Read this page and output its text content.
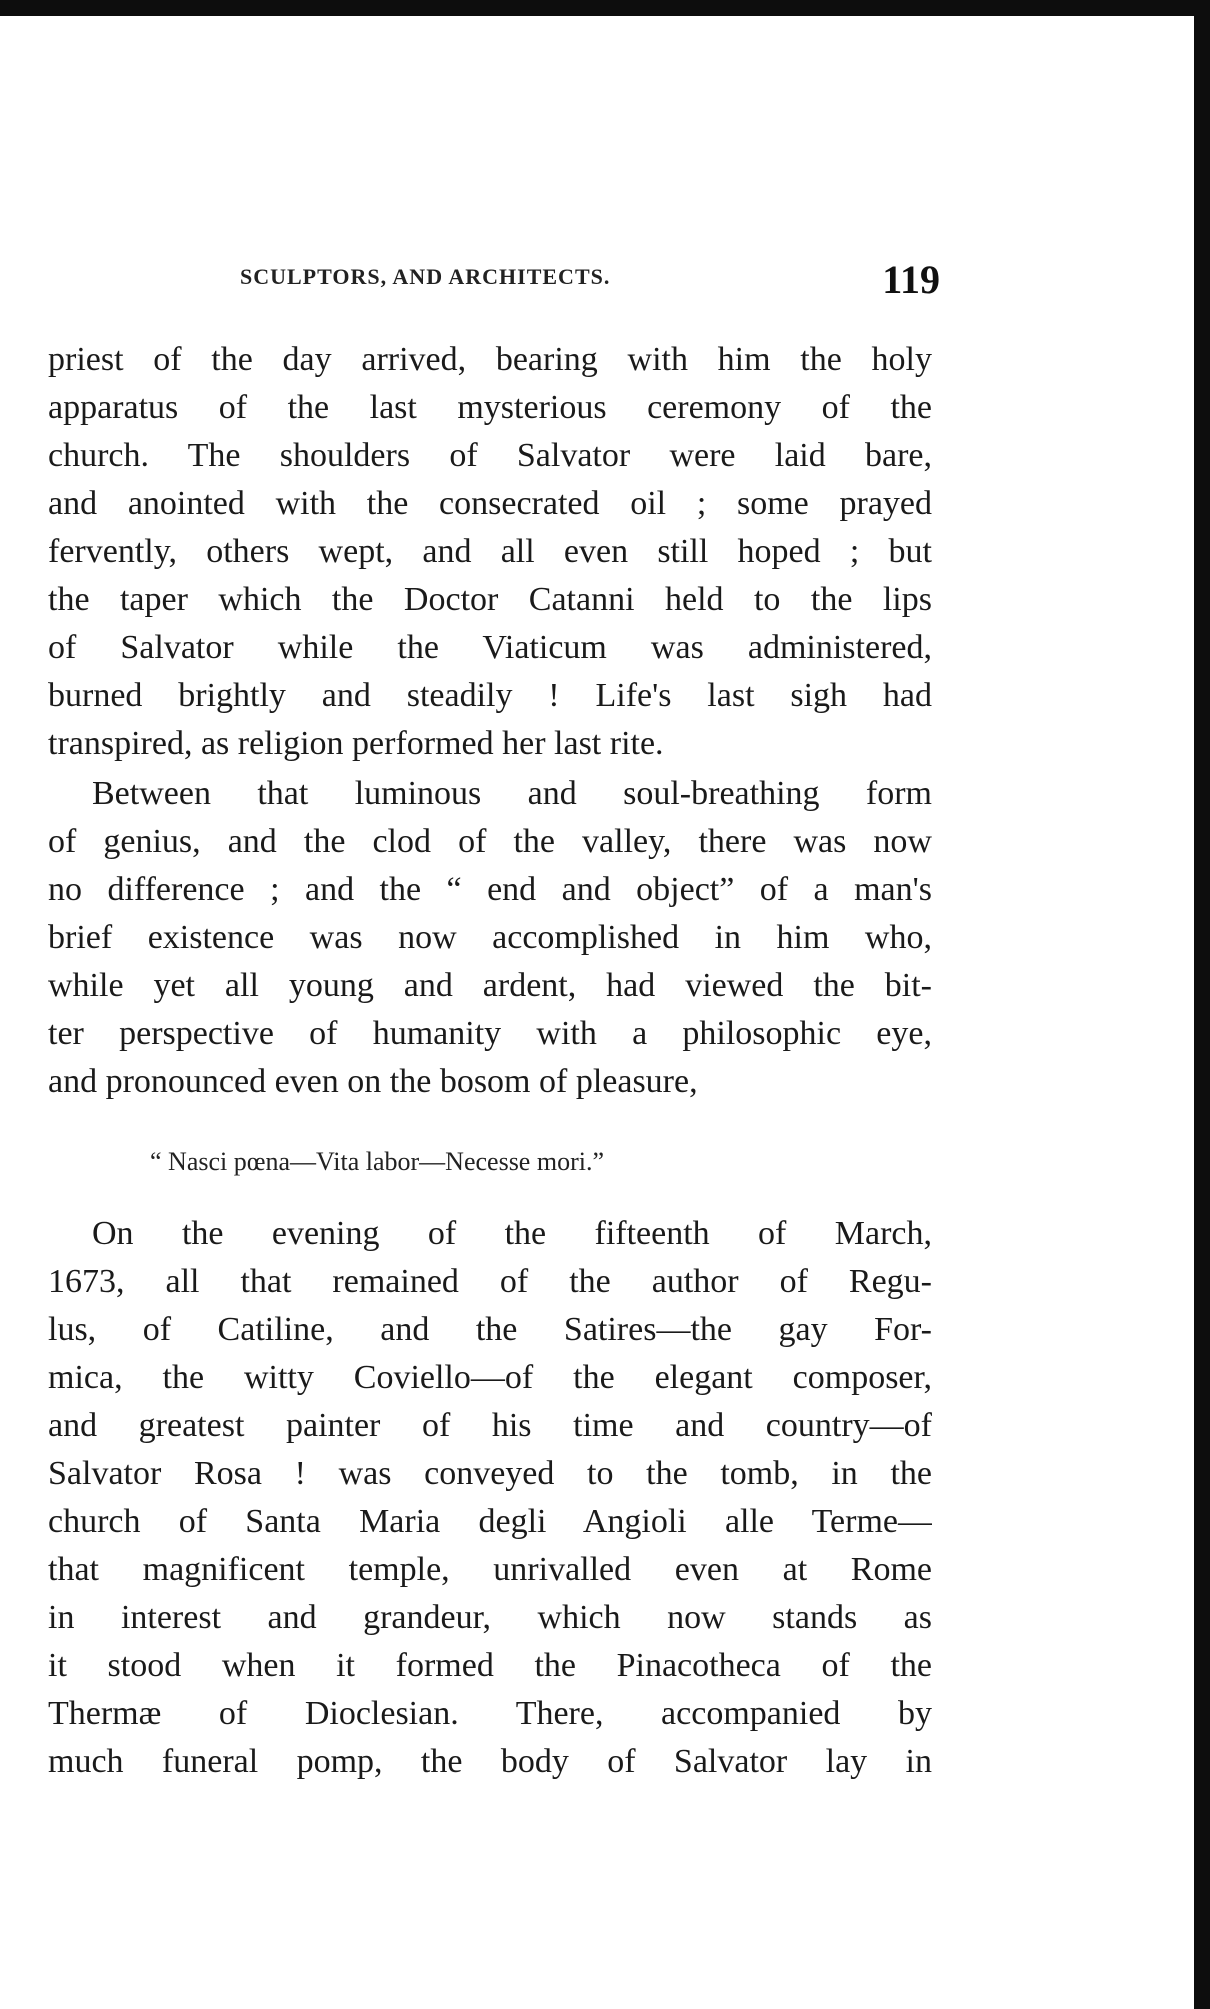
SCULPTORS, AND ARCHITECTS.	119
priest of the day arrived, bearing with him the holy
apparatus of the last mysterious ceremony of the
church. The shoulders of Salvator were laid bare,
and anointed with the consecrated oil ; some prayed
fervently, others wept, and all even still hoped ; but
the taper which the Doctor Catanni held to the lips
of Salvator while the Viaticum was administered,
burned brightly and steadily ! Life's last sigh had
transpired, as religion performed her last rite.
Between that luminous and soul-breathing form
of genius, and the clod of the valley, there was now
no difference ; and the “ end and object” of a man's
brief existence was now accomplished in him who,
while yet all young and ardent, had viewed the bit-
ter perspective of humanity with a philosophic eye,
and pronounced even on the bosom of pleasure,
“ Nasci pœna—Vita labor—Necesse mori.”
On the evening of the fifteenth of March,
1673, all that remained of the author of Regu-
lus, of Catiline, and the Satires—the gay For-
mica, the witty Coviello—of the elegant composer,
and greatest painter of his time and country—of
Salvator Rosa ! was conveyed to the tomb, in the
church of Santa Maria degli Angioli alle Terme—
that magnificent temple, unrivalled even at Rome
in interest and grandeur, which now stands as
it stood when it formed the Pinacotheca of the
Thermæ of Dioclesian. There, accompanied by
much funeral pomp, the body of Salvator lay in
